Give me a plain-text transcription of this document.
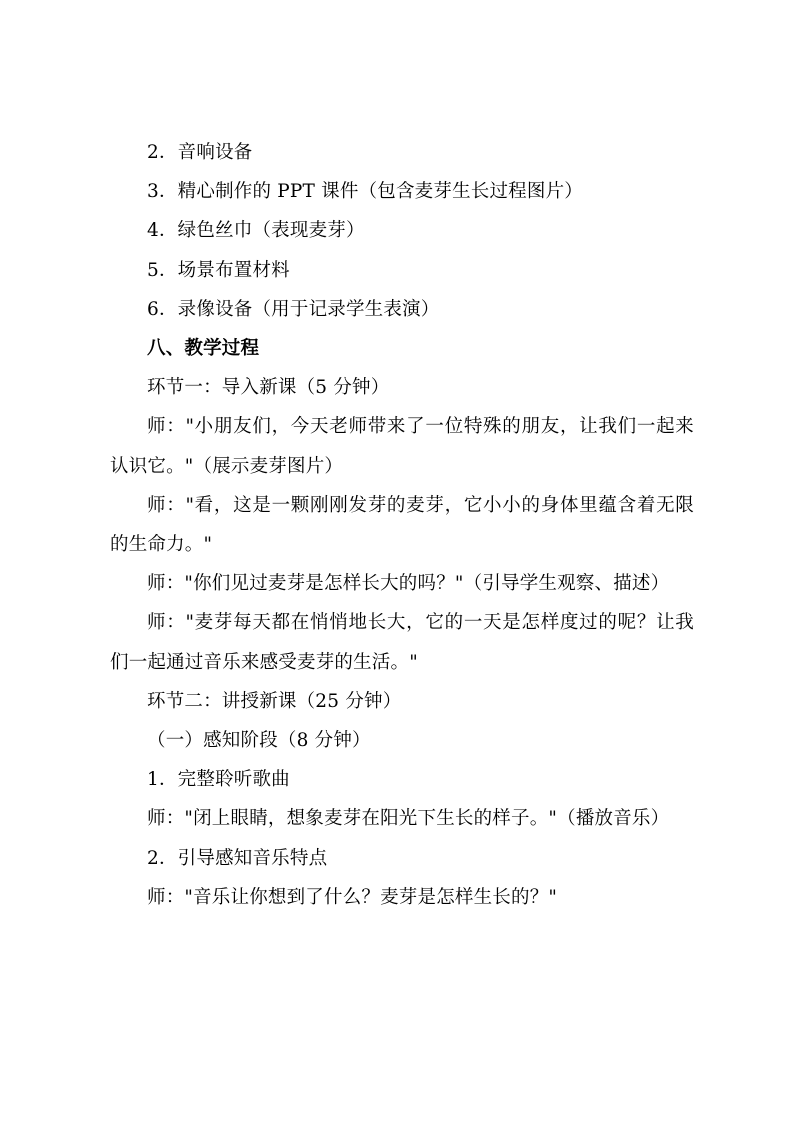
2．音响设备

3．精心制作的 PPT 课件（包含麦芽生长过程图片）

4．绿色丝巾（表现麦芽）

5．场景布置材料

6．录像设备（用于记录学生表演）

八、教学过程

环节一：导入新课（5 分钟）

师："小朋友们，今天老师带来了一位特殊的朋友，让我们一起来认识它。"（展示麦芽图片）

师："看，这是一颗刚刚发芽的麦芽，它小小的身体里蕴含着无限的生命力。"

师："你们见过麦芽是怎样长大的吗？"（引导学生观察、描述）

师："麦芽每天都在悄悄地长大，它的一天是怎样度过的呢？让我们一起通过音乐来感受麦芽的生活。"

环节二：讲授新课（25 分钟）

（一）感知阶段（8 分钟）

1．完整聆听歌曲

师："闭上眼睛，想象麦芽在阳光下生长的样子。"（播放音乐）

2．引导感知音乐特点

师："音乐让你想到了什么？麦芽是怎样生长的？"
